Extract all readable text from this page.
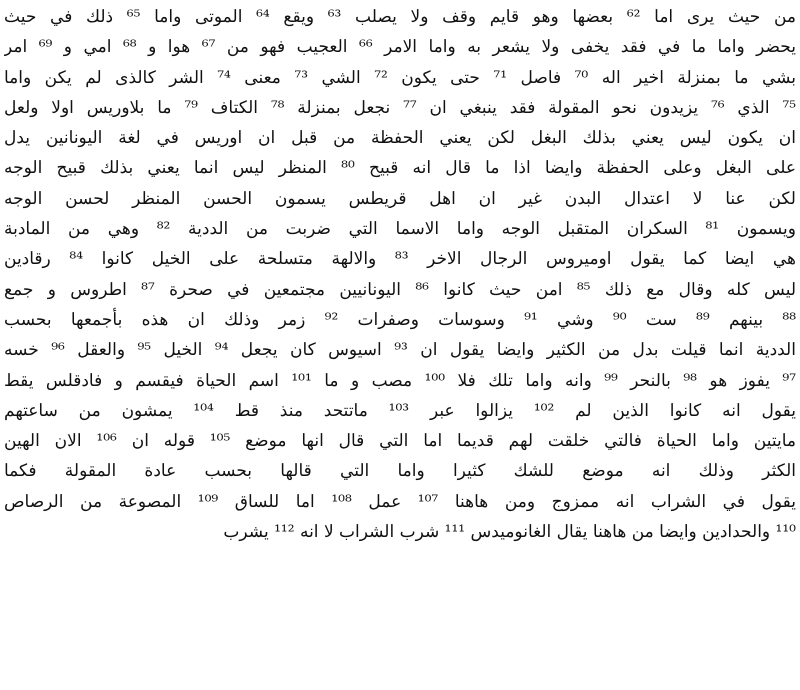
من حيث يرى اما ⁶² بعضها وهو قايم وقف ولا يصلب ⁶³ ويقع ⁶⁴ الموتى واما ⁶⁵ ذلك في حيث
يحضر واما ما في فقد يخفى ولا يشعر به واما الامر ⁶⁶ العجيب فهو من ⁶⁷ هوا و ⁶⁸ امي و ⁶⁹ امر
بشي ما بمنزلة اخير اله ⁷⁰ فاصل ⁷¹ حتى يكون ⁷² الشي ⁷³ معنى ⁷⁴ الشر كالذى لم يكن واما
⁷⁵ الذي ⁷⁶ يزيدون نحو المقولة فقد ينبغي ان ⁷⁷ نجعل بمنزلة ⁷⁸ الكتاف ⁷⁹ ما بلاوريس اولا ولعل
ان يكون ليس يعني بذلك البغل لكن يعني الحفظة من قبل ان اوريس في لغة اليونانين يدل
على البغل وعلى الحفظة وايضا اذا ما قال انه قبيح ⁸⁰ المنظر ليس انما يعني بذلك قبيح الوجه
لكن عنا لا اعتدال البدن غير ان اهل قريطس يسمون الحسن المنظر لحسن الوجه
ويسمون ⁸¹ السكران المتقبل الوجه واما الاسما التي ضربت من الددية ⁸² وهي من المادبة
هي ايضا كما يقول اوميروس الرجال الاخر ⁸³ والالهة متسلحة على الخيل كانوا ⁸⁴ رقادين
ليس كله وقال مع ذلك ⁸⁵ امن حيث كانوا ⁸⁶ اليونانيين مجتمعين في صحرة ⁸⁷ اطروس و جمع
⁸⁸ بينهم ⁸⁹ ست ⁹⁰ وشي ⁹¹ وسوسات وصفرات ⁹² زمر وذلك ان هذه بأجمعها بحسب
الددية انما قيلت بدل من الكثير وايضا يقول ان ⁹³ اسيوس كان يجعل ⁹⁴ الخيل ⁹⁵ والعقل ⁹⁶ خسه
⁹⁷ يفوز هو ⁹⁸ بالنحر ⁹⁹ وانه واما تلك فلا ¹⁰⁰ مصب و ما ¹⁰¹ اسم الحياة فيقسم و فادقلس يقط
يقول انه كانوا الذين لم ¹⁰² يزالوا عبر ¹⁰³ ماتتحد منذ قط ¹⁰⁴ يمشون من ساعتهم
مايتين واما الحياة فالتي خلقت لهم قديما اما التي قال انها موضع ¹⁰⁵ قوله ان ¹⁰⁶ الان الهين
الكثر وذلك انه موضع للشك كثيرا واما التي قالها بحسب عادة المقولة فكما
يقول في الشراب انه ممزوج ومن هاهنا ¹⁰⁷ عمل ¹⁰⁸ اما للساق ¹⁰⁹ المصوعة من الرصاص
¹¹⁰ والحدادين وايضا من هاهنا يقال الغانوميدس ¹¹¹ شرب الشراب لا انه ¹¹² يشرب
